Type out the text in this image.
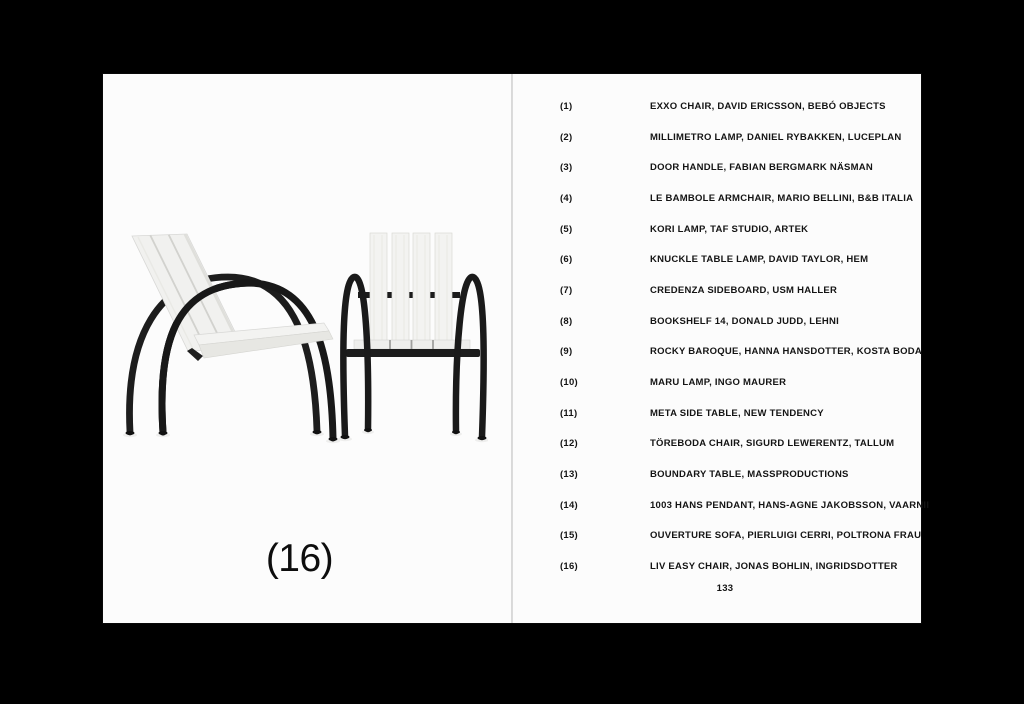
(16)
(1)	EXXO CHAIR, DAVID ERICSSON, BEBÓ OBJECTS
(2)	MILLIMETRO LAMP, DANIEL RYBAKKEN, LUCEPLAN
(3)	DOOR HANDLE, FABIAN BERGMARK NÄSMAN
(4)	LE BAMBOLE ARMCHAIR, MARIO BELLINI, B&B ITALIA
(5)	KORI LAMP, TAF STUDIO, ARTEK
(6)	KNUCKLE TABLE LAMP, DAVID TAYLOR, HEM
(7)	CREDENZA SIDEBOARD, USM HALLER
(8)	BOOKSHELF 14, DONALD JUDD, LEHNI
(9)	ROCKY BAROQUE, HANNA HANSDOTTER, KOSTA BODA
(10)	MARU LAMP, INGO MAURER
(11)	META SIDE TABLE, NEW TENDENCY
(12)	TÖREBODA CHAIR, SIGURD LEWERENTZ, TALLUM
(13)	BOUNDARY TABLE, MASSPRODUCTIONS
(14)	1003 HANS PENDANT, HANS-AGNE JAKOBSSON, VAARNII
(15)	OUVERTURE SOFA, PIERLUIGI CERRI, POLTRONA FRAU
(16)	LIV EASY CHAIR, JONAS BOHLIN, INGRIDSDOTTER
133
